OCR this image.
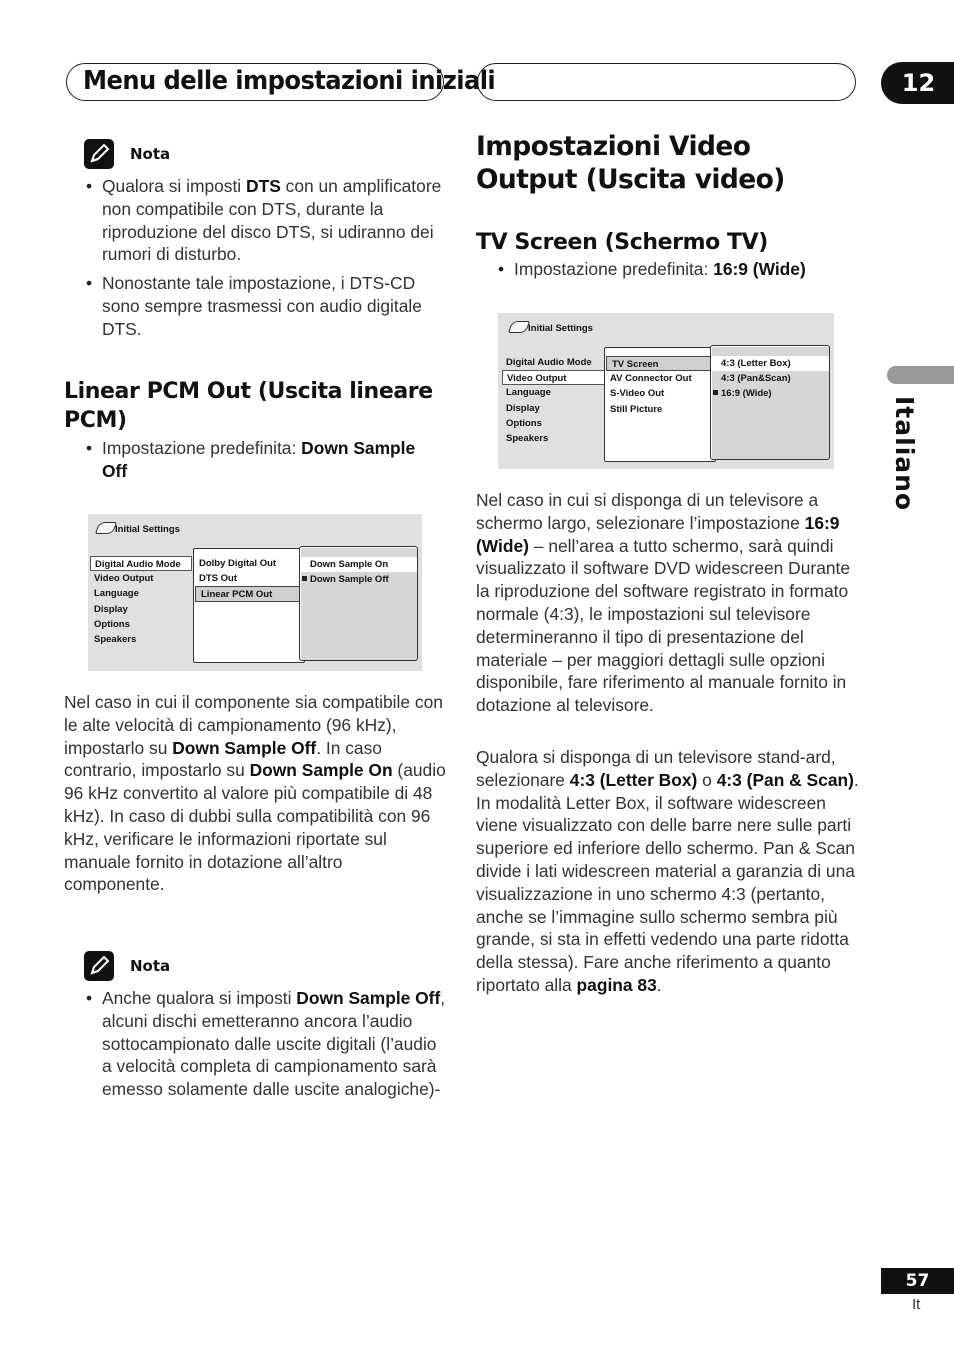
Menu delle impostazioni iniziali	12
Italiano
Nota
• Qualora si imposti DTS con un amplificatore non compatibile con DTS, durante la riproduzione del disco DTS, si udiranno dei rumori di disturbo.
• Nonostante tale impostazione, i DTS-CD sono sempre trasmessi con audio digitale DTS.
Linear PCM Out (Uscita lineare PCM)
• Impostazione predefinita: Down Sample Off
Initial Settings
Digital Audio Mode
Video Output
Language
Display
Options
Speakers
Dolby Digital Out
DTS Out
Linear PCM Out
Down Sample On
Down Sample Off
Nel caso in cui il componente sia compatibile con le alte velocità di campionamento (96 kHz), impostarlo su Down Sample Off. In caso contrario, impostarlo su Down Sample On (audio 96 kHz convertito al valore più compatibile di 48 kHz). In caso di dubbi sulla compatibilità con 96 kHz, verificare le informazioni riportate sul manuale fornito in dotazione all’altro componente.
Nota
• Anche qualora si imposti Down Sample Off, alcuni dischi emetteranno ancora l’audio sottocampionato dalle uscite digitali (l’audio a velocità completa di campionamento sarà emesso solamente dalle uscite analogiche)-
Impostazioni Video Output (Uscita video)
TV Screen (Schermo TV)
• Impostazione predefinita: 16:9 (Wide)
Initial Settings
Digital Audio Mode
Video Output
Language
Display
Options
Speakers
TV Screen
AV Connector Out
S-Video Out
Still Picture
4:3 (Letter Box)
4:3 (Pan&Scan)
16:9 (Wide)
Nel caso in cui si disponga di un televisore a schermo largo, selezionare l’impostazione 16:9 (Wide) – nell’area a tutto schermo, sarà quindi visualizzato il software DVD widescreen Durante la riproduzione del software registrato in formato normale (4:3), le impostazioni sul televisore determineranno il tipo di presentazione del materiale – per maggiori dettagli sulle opzioni disponibile, fare riferimento al manuale fornito in dotazione al televisore.
Qualora si disponga di un televisore stand-ard, selezionare 4:3 (Letter Box) o 4:3 (Pan & Scan). In modalità Letter Box, il software widescreen viene visualizzato con delle barre nere sulle parti superiore ed inferiore dello schermo. Pan & Scan divide i lati widescreen material a garanzia di una visualizzazione in uno schermo 4:3 (pertanto, anche se l’immagine sullo schermo sembra più grande, si sta in effetti vedendo una parte ridotta della stessa). Fare anche riferimento a quanto riportato alla pagina 83.
57
It
